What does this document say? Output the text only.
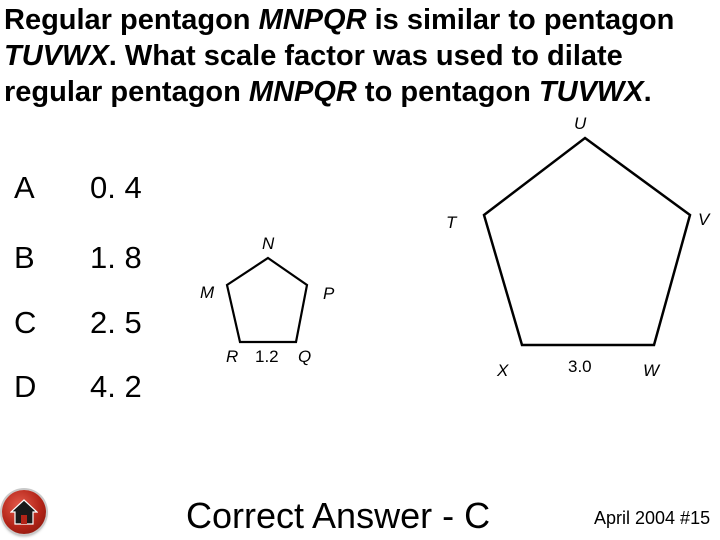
Regular pentagon MNPQR is similar to pentagon TUVWX. What scale factor was used to dilate regular pentagon MNPQR to pentagon TUVWX.
A	0. 4
B	1. 8
C	2. 5
D	4. 2
N
M	P
R	Q
1.2
U
T	V
X	W
3.0
Correct Answer - C	April 2004 #15
